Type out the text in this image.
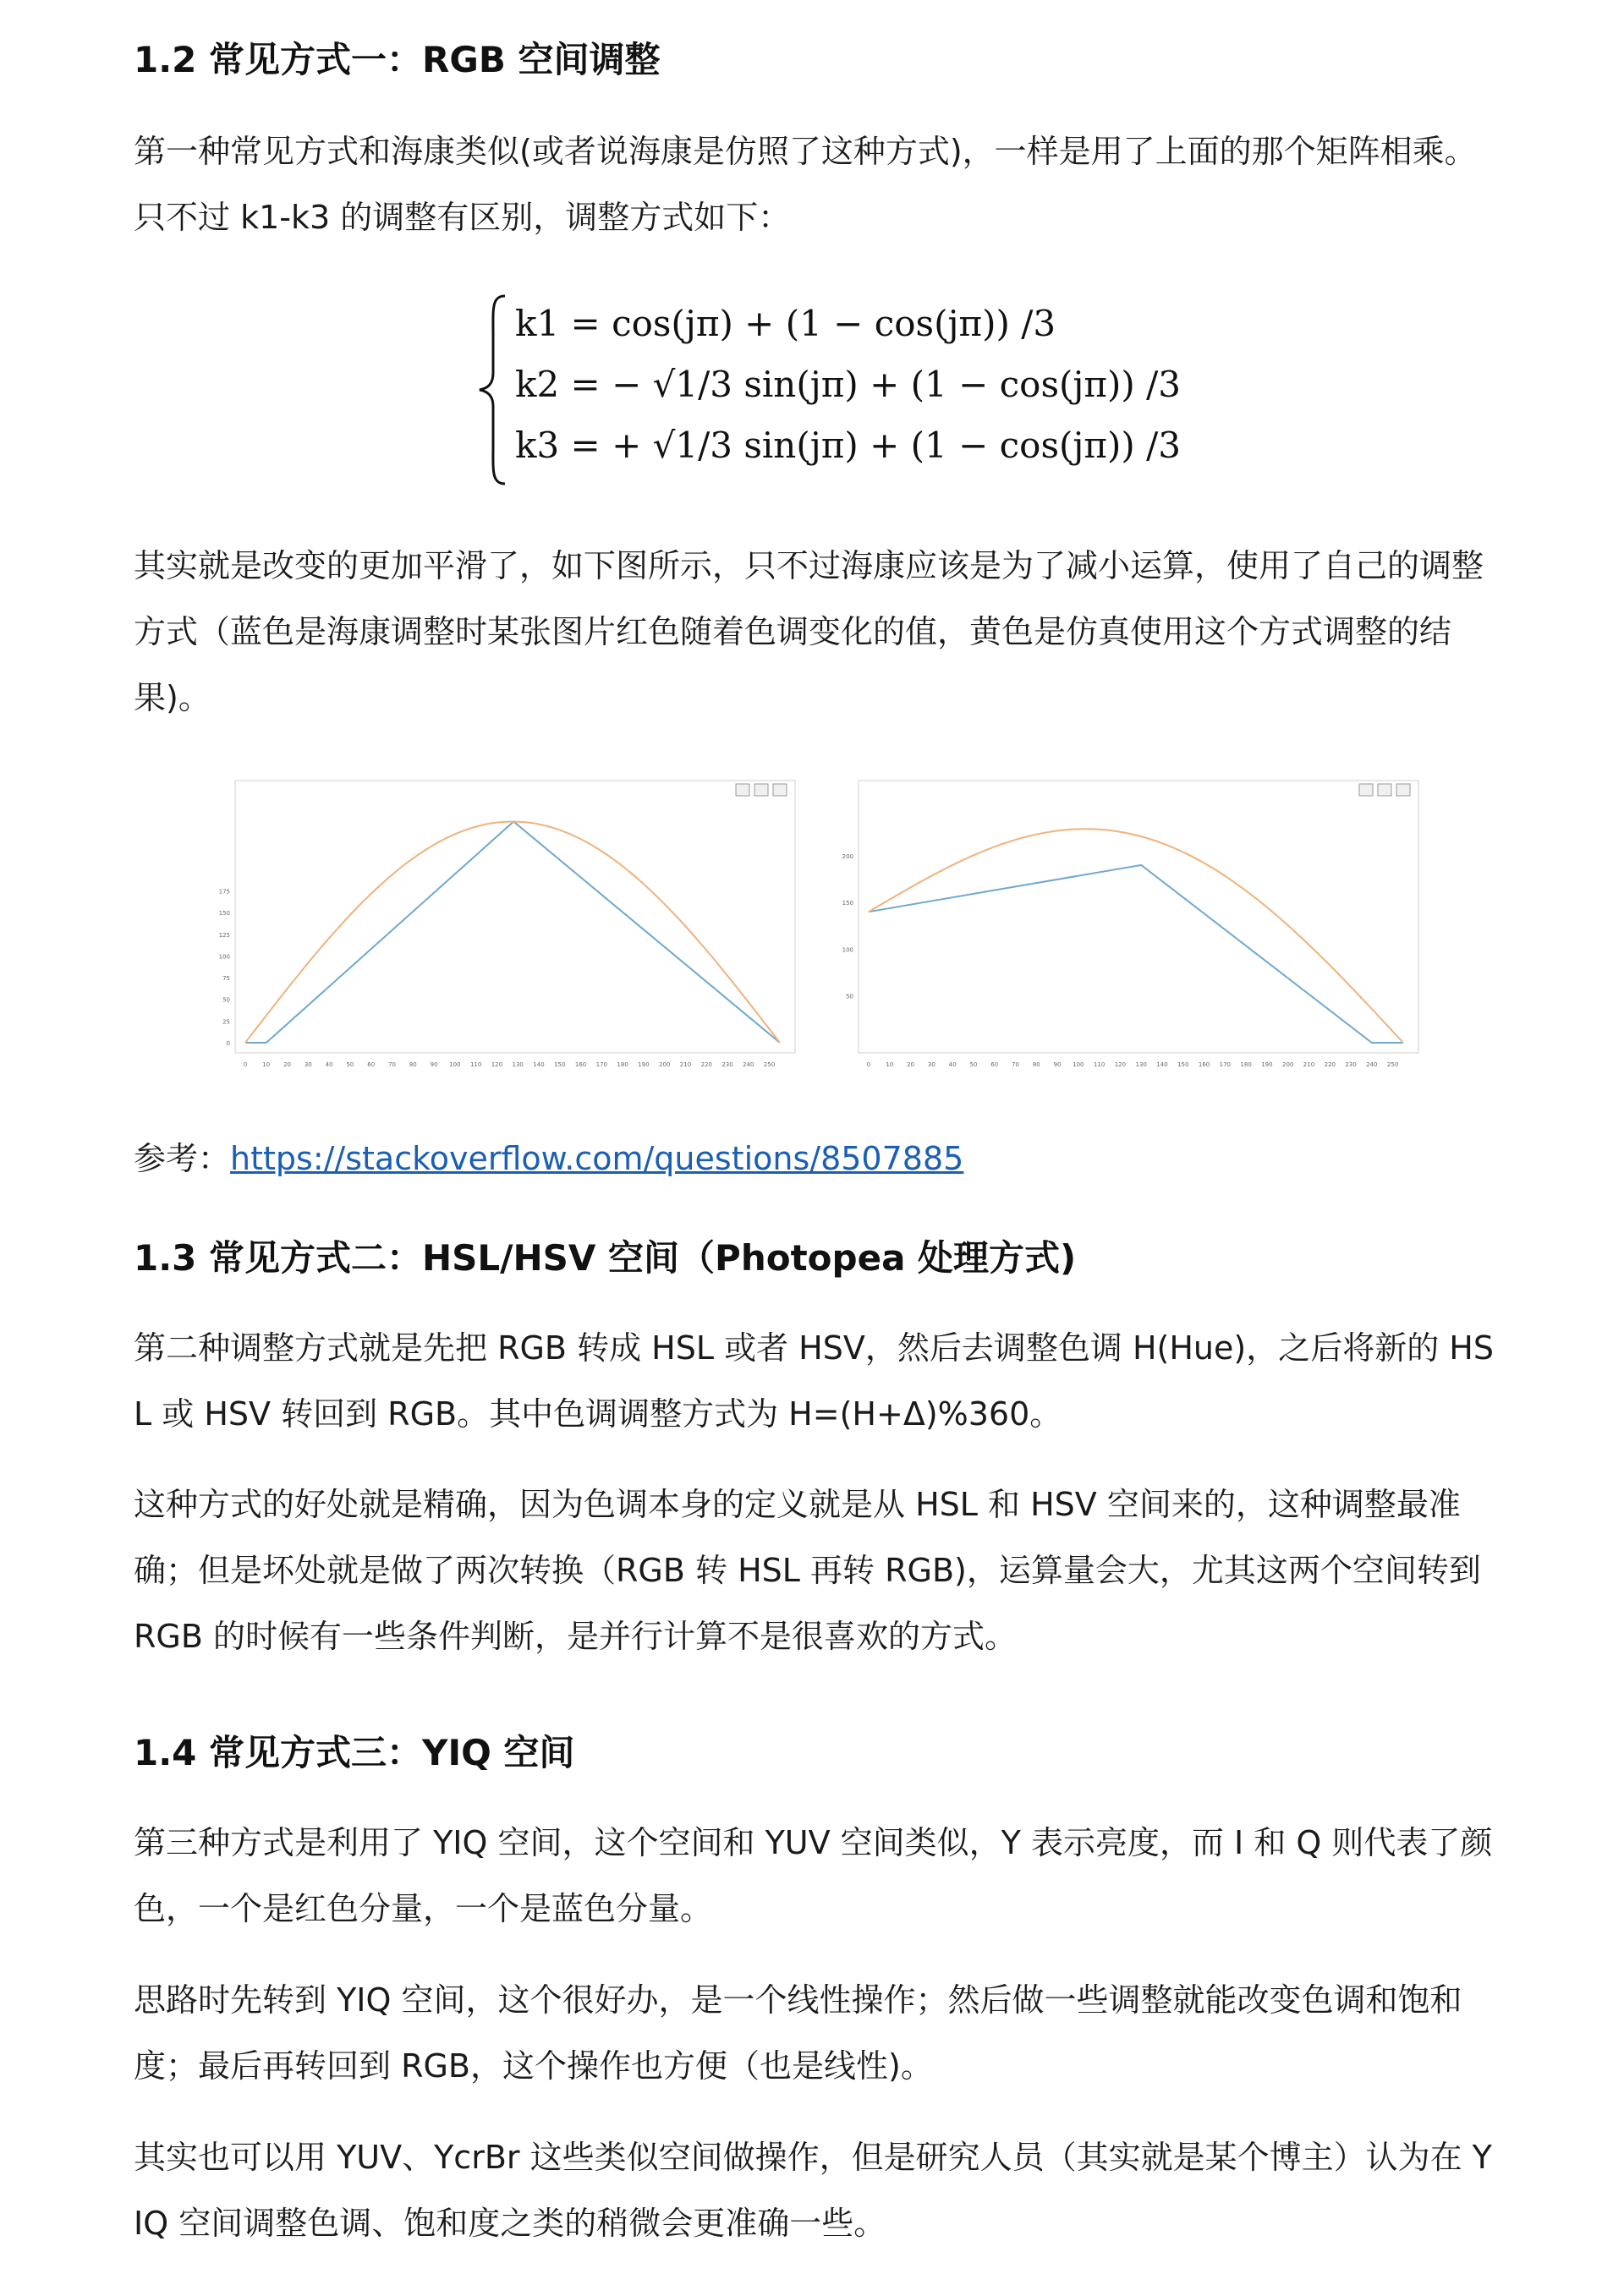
1.2 常见方式一：RGB 空间调整

第一种常见方式和海康类似(或者说海康是仿照了这种方式)，一样是用了上面的那个矩阵相乘。

只不过 k1-k3 的调整有区别，调整方式如下：

k1 = cos(jπ) + (1 − cos(jπ)) /3
k2 = − √1/3 sin(jπ) + (1 − cos(jπ)) /3
k3 = + √1/3 sin(jπ) + (1 − cos(jπ)) /3

其实就是改变的更加平滑了，如下图所示，只不过海康应该是为了减小运算，使用了自己的调整

方式（蓝色是海康调整时某张图片红色随着色调变化的值，黄色是仿真使用这个方式调整的结

果)。

0	10 20 30 40 50 60 70 80 90 100 110 120 130 140 150 160 170 180 190 200 210 220 230 240 250
0
25
50
75
100
125
150
175

0	10 20 30 40 50 60 70 80 90 100 110 120 130 140 150 160 170 180 190 200 210 220 230 240 250
50
100
150
200
参考：https://stackoverflow.com/questions/8507885
1.3 常见方式二：HSL/HSV 空间（Photopea 处理方式)

第二种调整方式就是先把 RGB 转成 HSL 或者 HSV，然后去调整色调 H(Hue)，之后将新的 HS

L 或 HSV 转回到 RGB。其中色调调整方式为 H=(H+Δ)%360。

这种方式的好处就是精确，因为色调本身的定义就是从 HSL 和 HSV 空间来的，这种调整最准

确；但是坏处就是做了两次转换（RGB 转 HSL 再转 RGB)，运算量会大，尤其这两个空间转到

RGB 的时候有一些条件判断，是并行计算不是很喜欢的方式。

1.4 常见方式三：YIQ 空间

第三种方式是利用了 YIQ 空间，这个空间和 YUV 空间类似，Y 表示亮度，而 I 和 Q 则代表了颜

色，一个是红色分量，一个是蓝色分量。

思路时先转到 YIQ 空间，这个很好办，是一个线性操作；然后做一些调整就能改变色调和饱和

度；最后再转回到 RGB，这个操作也方便（也是线性)。

其实也可以用 YUV、YcrBr 这些类似空间做操作，但是研究人员（其实就是某个博主）认为在 Y

IQ 空间调整色调、饱和度之类的稍微会更准确一些。
